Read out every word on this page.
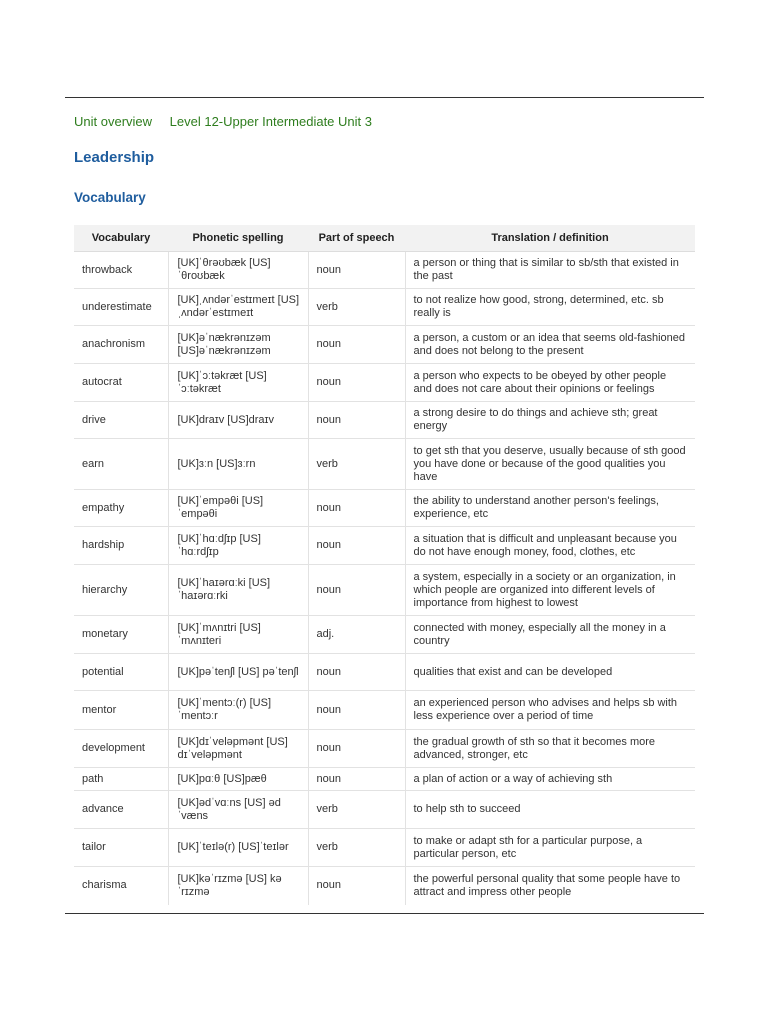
Unit overview Level 12-Upper Intermediate Unit 3
Leadership
Vocabulary
Vocabulary	Phonetic spelling	Part of speech	Translation / definition
throwback	[UK]ˈθrəʊbæk [US] ˈθroʊbæk	noun	a person or thing that is similar to sb/sth that existed in the past
underestimate	[UK]ˌʌndərˈestɪmeɪt [US]ˌʌndərˈestɪmeɪt	verb	to not realize how good, strong, determined, etc. sb really is
anachronism	[UK]əˈnækrənɪzəm [US]əˈnækrənɪzəm	noun	a person, a custom or an idea that seems old-fashioned and does not belong to the present
autocrat	[UK]ˈɔːtəkræt [US] ˈɔːtəkræt	noun	a person who expects to be obeyed by other people and does not care about their opinions or feelings
drive	[UK]draɪv [US]draɪv	noun	a strong desire to do things and achieve sth; great energy
earn	[UK]ɜːn [US]ɜːrn	verb	to get sth that you deserve, usually because of sth good you have done or because of the good qualities you have
empathy	[UK]ˈempəθi [US] ˈempəθi	noun	the ability to understand another person's feelings, experience, etc
hardship	[UK]ˈhɑːdʃɪp [US] ˈhɑːrdʃɪp	noun	a situation that is difficult and unpleasant because you do not have enough money, food, clothes, etc
hierarchy	[UK]ˈhaɪərɑːki [US] ˈhaɪərɑːrki	noun	a system, especially in a society or an organization, in which people are organized into different levels of importance from highest to lowest
monetary	[UK]ˈmʌnɪtri [US] ˈmʌnɪteri	adj.	connected with money, especially all the money in a country
potential	[UK]pəˈtenʃl [US] pəˈtenʃl	noun	qualities that exist and can be developed
mentor	[UK]ˈmentɔː(r) [US] ˈmentɔːr	noun	an experienced person who advises and helps sb with less experience over a period of time
development	[UK]dɪˈveləpmənt [US] dɪˈveləpmənt	noun	the gradual growth of sth so that it becomes more advanced, stronger, etc
path	[UK]pɑːθ [US]pæθ	noun	a plan of action or a way of achieving sth
advance	[UK]ədˈvɑːns [US] ədˈvæns	verb	to help sth to succeed
tailor	[UK]ˈteɪlə(r) [US]ˈteɪlər	verb	to make or adapt sth for a particular purpose, a particular person, etc
charisma	[UK]kəˈrɪzmə [US] kəˈrɪzmə	noun	the powerful personal quality that some people have to attract and impress other people
